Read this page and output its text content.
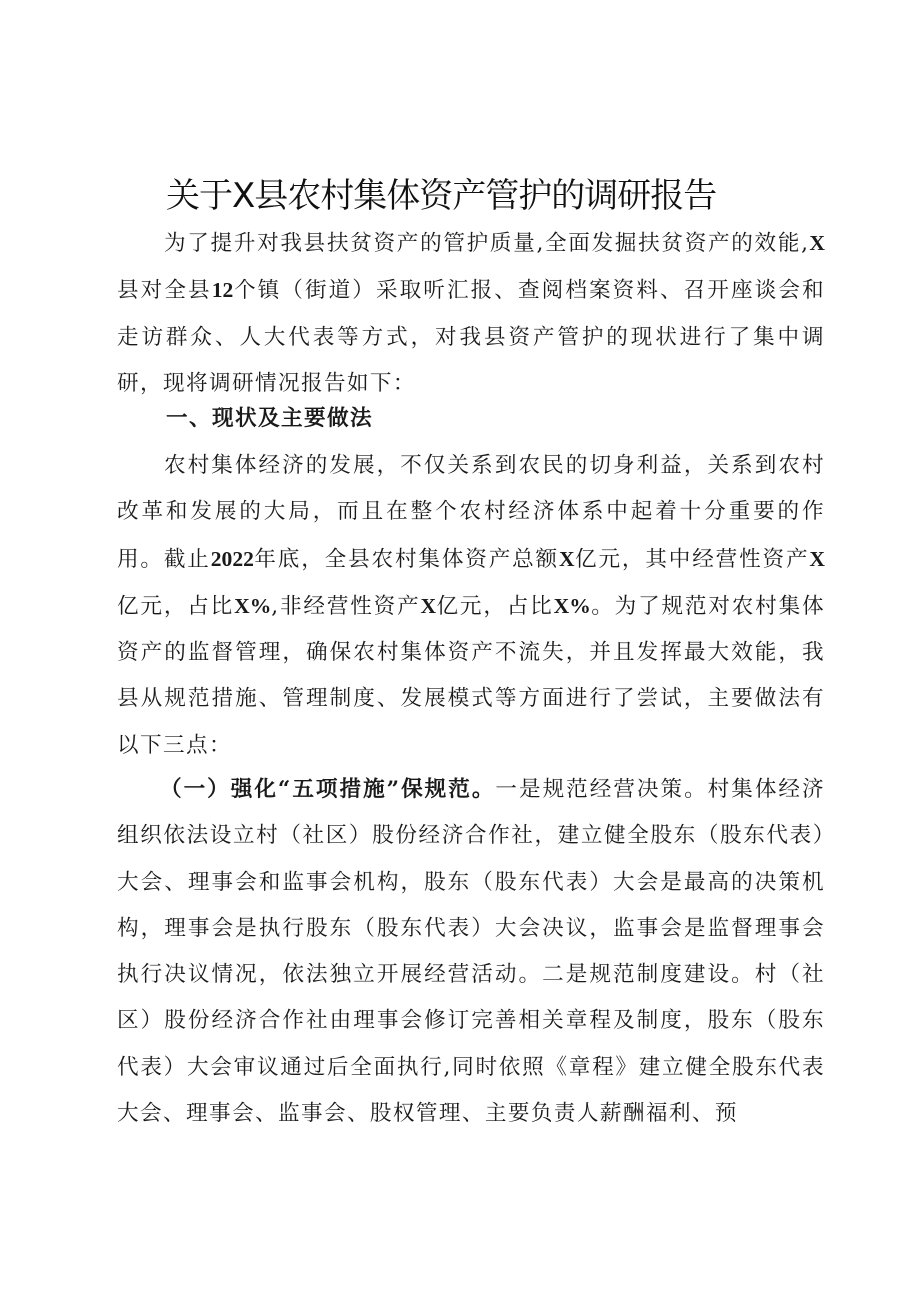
关于X县农村集体资产管护的调研报告

为了提升对我县扶贫资产的管护质量,全面发掘扶贫资产的效能,X县对全县12个镇（街道）采取听汇报、查阅档案资料、召开座谈会和走访群众、人大代表等方式，对我县资产管护的现状进行了集中调研，现将调研情况报告如下：

一、现状及主要做法

农村集体经济的发展，不仅关系到农民的切身利益，关系到农村改革和发展的大局，而且在整个农村经济体系中起着十分重要的作用。截止2022年底，全县农村集体资产总额X亿元，其中经营性资产X亿元，占比X%,非经营性资产X亿元，占比X%。为了规范对农村集体资产的监督管理，确保农村集体资产不流失，并且发挥最大效能，我县从规范措施、管理制度、发展模式等方面进行了尝试，主要做法有以下三点：

（一）强化“五项措施”保规范。一是规范经营决策。村集体经济组织依法设立村（社区）股份经济合作社，建立健全股东（股东代表）大会、理事会和监事会机构，股东（股东代表）大会是最高的决策机构，理事会是执行股东（股东代表）大会决议，监事会是监督理事会执行决议情况，依法独立开展经营活动。二是规范制度建设。村（社区）股份经济合作社由理事会修订完善相关章程及制度，股东（股东代表）大会审议通过后全面执行,同时依照《章程》建立健全股东代表大会、理事会、监事会、股权管理、主要负责人薪酬福利、预
